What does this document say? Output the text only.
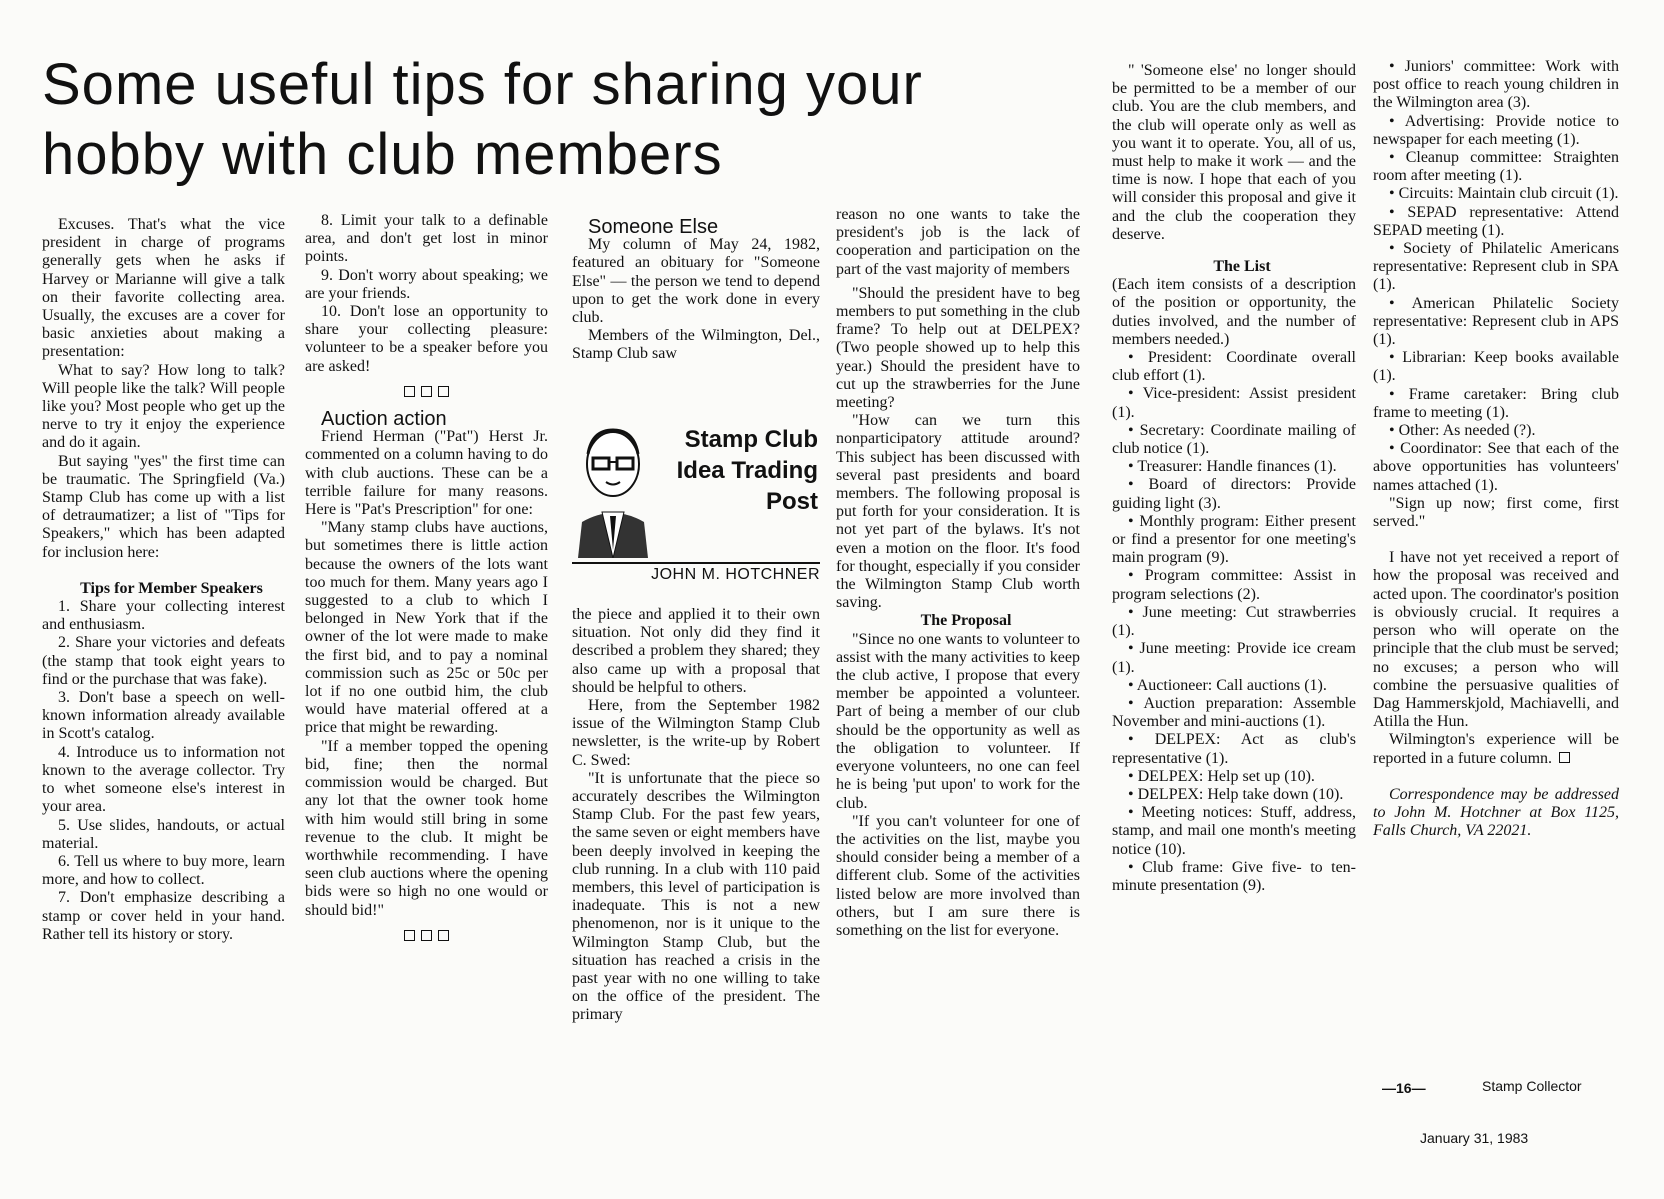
Some useful tips for sharing your hobby with club members

Excuses. That's what the vice president in charge of programs generally gets when he asks if Harvey or Marianne will give a talk on their favorite collecting area. Usually, the excuses are a cover for basic anxieties about making a presentation:

What to say? How long to talk? Will people like the talk? Will people like you? Most people who get up the nerve to try it enjoy the experience and do it again.

But saying "yes" the first time can be traumatic. The Springfield (Va.) Stamp Club has come up with a list of detraumatizer; a list of "Tips for Speakers," which has been adapted for inclusion here:

Tips for Member Speakers

1. Share your collecting interest and enthusiasm.

2. Share your victories and defeats (the stamp that took eight years to find or the purchase that was fake).

3. Don't base a speech on well-known information already available in Scott's catalog.

4. Introduce us to information not known to the average collector. Try to whet someone else's interest in your area.

5. Use slides, handouts, or actual material.

6. Tell us where to buy more, learn more, and how to collect.

7. Don't emphasize describing a stamp or cover held in your hand. Rather tell its history or story.

8. Limit your talk to a definable area, and don't get lost in minor points.

9. Don't worry about speaking; we are your friends.

10. Don't lose an opportunity to share your collecting pleasure: volunteer to be a speaker before you are asked!

Auction action

Friend Herman ("Pat") Herst Jr. commented on a column having to do with club auctions. These can be a terrible failure for many reasons. Here is "Pat's Prescription" for one:

"Many stamp clubs have auctions, but sometimes there is little action because the owners of the lots want too much for them. Many years ago I suggested to a club to which I belonged in New York that if the owner of the lot were made to make the first bid, and to pay a nominal commission such as 25c or 50c per lot if no one outbid him, the club would have material offered at a price that might be rewarding.

"If a member topped the opening bid, fine; then the normal commission would be charged. But any lot that the owner took home with him would still bring in some revenue to the club. It might be worthwhile recommending. I have seen club auctions where the opening bids were so high no one would or should bid!"

Someone Else

My column of May 24, 1982, featured an obituary for "Someone Else" — the person we tend to depend upon to get the work done in every club.

Members of the Wilmington, Del., Stamp Club saw

Stamp Club Idea Trading Post
JOHN M. HOTCHNER

the piece and applied it to their own situation. Not only did they find it described a problem they shared; they also came up with a proposal that should be helpful to others.

Here, from the September 1982 issue of the Wilmington Stamp Club newsletter, is the write-up by Robert C. Swed:

"It is unfortunate that the piece so accurately describes the Wilmington Stamp Club. For the past few years, the same seven or eight members have been deeply involved in keeping the club running. In a club with 110 paid members, this level of participation is inadequate. This is not a new phenomenon, nor is it unique to the Wilmington Stamp Club, but the situation has reached a crisis in the past year with no one willing to take on the office of the president. The primary

reason no one wants to take the president's job is the lack of cooperation and participation on the part of the vast majority of members

"Should the president have to beg members to put something in the club frame? To help out at DELPEX? (Two people showed up to help this year.) Should the president have to cut up the strawberries for the June meeting?

"How can we turn this nonparticipatory attitude around? This subject has been discussed with several past presidents and board members. The following proposal is put forth for your consideration. It is not yet part of the bylaws. It's not even a motion on the floor. It's food for thought, especially if you consider the Wilmington Stamp Club worth saving.

The Proposal

"Since no one wants to volunteer to assist with the many activities to keep the club active, I propose that every member be appointed a volunteer. Part of being a member of our club should be the opportunity as well as the obligation to volunteer. If everyone volunteers, no one can feel he is being 'put upon' to work for the club.

"If you can't volunteer for one of the activities on the list, maybe you should consider being a member of a different club. Some of the activities listed below are more involved than others, but I am sure there is something on the list for everyone.

" 'Someone else' no longer should be permitted to be a member of our club. You are the club members, and the club will operate only as well as you want it to operate. You, all of us, must help to make it work — and the time is now. I hope that each of you will consider this proposal and give it and the club the cooperation they deserve.

The List

(Each item consists of a description of the position or opportunity, the duties involved, and the number of members needed.)

• President: Coordinate overall club effort (1).

• Vice-president: Assist president (1).

• Secretary: Coordinate mailing of club notice (1).

• Treasurer: Handle finances (1).

• Board of directors: Provide guiding light (3).

• Monthly program: Either present or find a presentor for one meeting's main program (9).

• Program committee: Assist in program selections (2).

• June meeting: Cut strawberries (1).

• June meeting: Provide ice cream (1).

• Auctioneer: Call auctions (1).

• Auction preparation: Assemble November and mini-auctions (1).

• DELPEX: Act as club's representative (1).

• DELPEX: Help set up (10).

• DELPEX: Help take down (10).

• Meeting notices: Stuff, address, stamp, and mail one month's meeting notice (10).

• Club frame: Give five- to ten-minute presentation (9).

• Juniors' committee: Work with post office to reach young children in the Wilmington area (3).

• Advertising: Provide notice to newspaper for each meeting (1).

• Cleanup committee: Straighten room after meeting (1).

• Circuits: Maintain club circuit (1).

• SEPAD representative: Attend SEPAD meeting (1).

• Society of Philatelic Americans representative: Represent club in SPA (1).

• American Philatelic Society representative: Represent club in APS (1).

• Librarian: Keep books available (1).

• Frame caretaker: Bring club frame to meeting (1).

• Other: As needed (?).

• Coordinator: See that each of the above opportunities has volunteers' names attached (1).

"Sign up now; first come, first served."

I have not yet received a report of how the proposal was received and acted upon. The coordinator's position is obviously crucial. It requires a person who will operate on the principle that the club must be served; no excuses; a person who will combine the persuasive qualities of Dag Hammerskjold, Machiavelli, and Atilla the Hun.

Wilmington's experience will be reported in a future column.

Correspondence may be addressed to John M. Hotchner at Box 1125, Falls Church, VA 22021.

—16—	Stamp Collector
January 31, 1983
